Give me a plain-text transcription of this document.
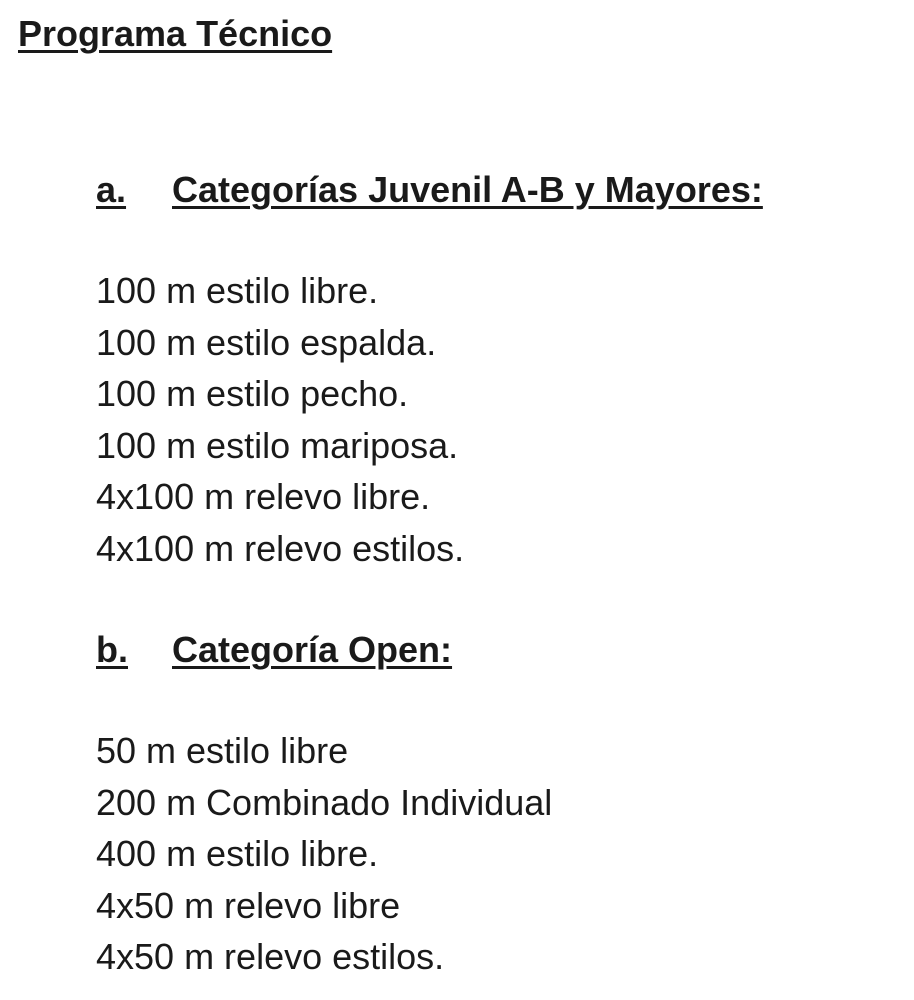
Programa Técnico
a. Categorías Juvenil A-B y Mayores:
100 m estilo libre.
100 m estilo espalda.
100 m estilo pecho.
100 m estilo mariposa.
4x100 m relevo libre.
4x100 m relevo estilos.
b. Categoría Open:
50 m estilo libre
200 m Combinado Individual
400 m estilo libre.
4x50 m relevo libre
4x50 m relevo estilos.
